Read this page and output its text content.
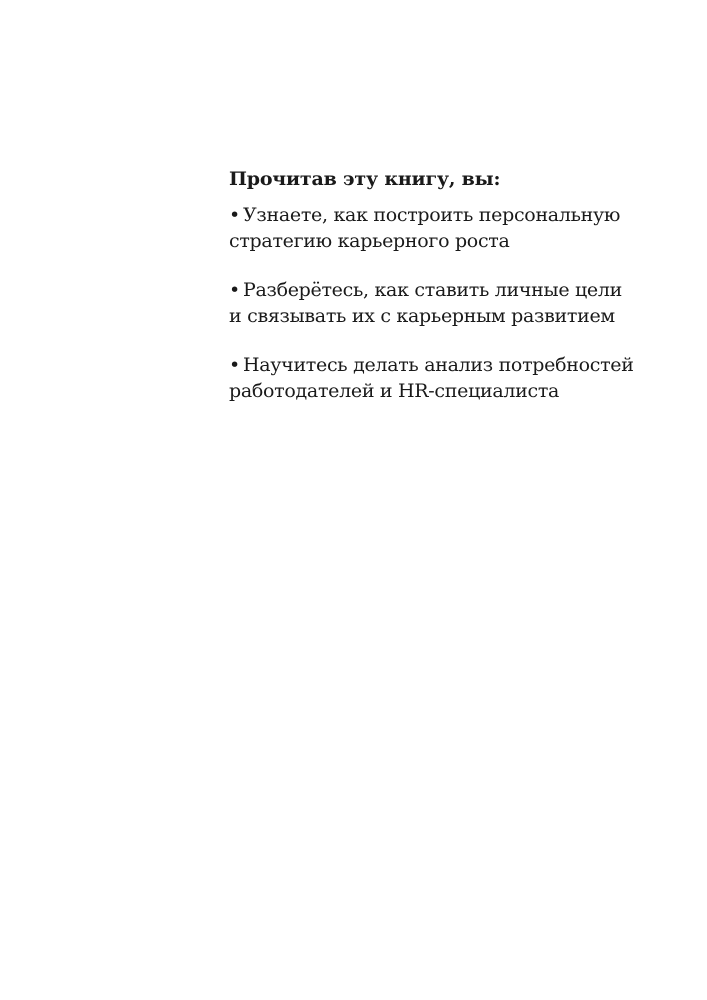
Прочитав эту книгу, вы:
• Узнаете, как построить персональную
стратегию карьерного роста
• Разберётесь, как ставить личные цели
и связывать их с карьерным развитием
• Научитесь делать анализ потребностей
работодателей и HR-специалиста
